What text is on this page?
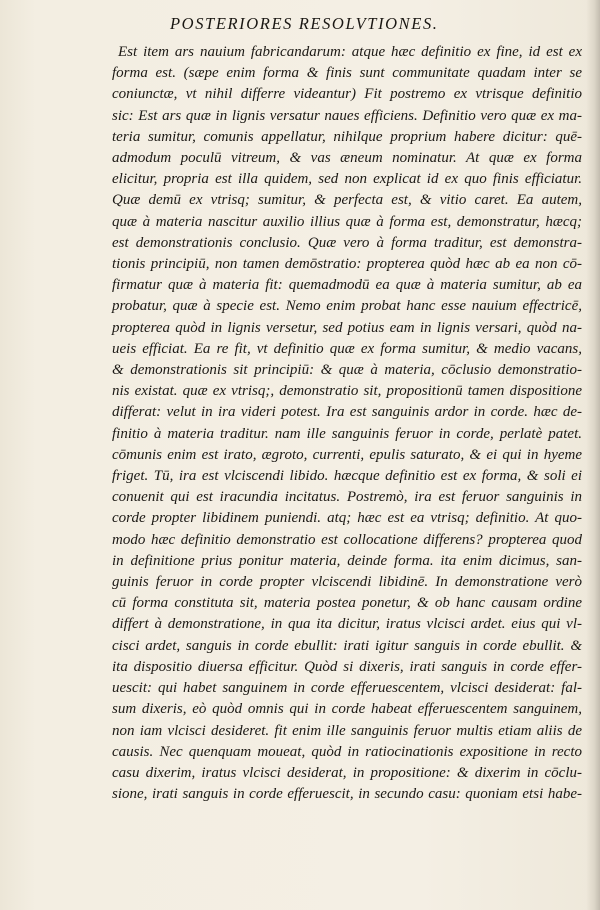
POSTERIORES RESOLVTIONES.
Est item ars nauium fabricandarum: atque hæc definitio ex fine, id est ex
forma est. (sæpe enim forma & finis sunt communitate quadam inter se
coniunctæ, vt nihil differre videantur) Fit postremo ex vtrisque definitio
sic: Est ars quæ in lignis versatur naues efficiens. Definitio vero quæ ex ma-
teria sumitur, comunis appellatur, nihilque proprium habere dicitur: quē-
admodum poculū vitreum, & vas æneum nominatur. At quæ ex forma
elicitur, propria est illa quidem, sed non explicat id ex quo finis efficiatur.
Quæ demū ex vtrisq; sumitur, & perfecta est, & vitio caret. Ea autem,
quæ à materia nascitur auxilio illius quæ à forma est, demonstratur, hæcq;
est demonstrationis conclusio. Quæ vero à forma traditur, est demonstra-
tionis principiū, non tamen demōstratio: propterea quòd hæc ab ea non cō-
firmatur quæ à materia fit: quemadmodū ea quæ à materia sumitur, ab ea
probatur, quæ à specie est. Nemo enim probat hanc esse nauium effectricē,
propterea quòd in lignis versetur, sed potius eam in lignis versari, quòd na-
ueis efficiat. Ea re fit, vt definitio quæ ex forma sumitur, & medio vacans,
& demonstrationis sit principiū: & quæ à materia, cōclusio demonstratio-
nis existat. quæ ex vtrisq;, demonstratio sit, propositionū tamen dispositione
differat: velut in ira videri potest. Ira est sanguinis ardor in corde. hæc de-
finitio à materia traditur. nam ille sanguinis feruor in corde, perlatè patet.
cōmunis enim est irato, ægroto, currenti, epulis saturato, & ei qui in hyeme
friget. Tū, ira est vlciscendi libido. hæcque definitio est ex forma, & soli ei
conuenit qui est iracundia incitatus. Postremò, ira est feruor sanguinis in
corde propter libidinem puniendi. atq; hæc est ea vtrisq; definitio. At quo-
modo hæc definitio demonstratio est collocatione differens? propterea quod
in definitione prius ponitur materia, deinde forma. ita enim dicimus, san-
guinis feruor in corde propter vlciscendi libidinē. In demonstratione verò
cū forma constituta sit, materia postea ponetur, & ob hanc causam ordine
differt à demonstratione, in qua ita dicitur, iratus vlcisci ardet. eius qui vl-
cisci ardet, sanguis in corde ebullit: irati igitur sanguis in corde ebullit. &
ita dispositio diuersa efficitur. Quòd si dixeris, irati sanguis in corde effer-
uescit: qui habet sanguinem in corde efferuescentem, vlcisci desiderat: fal-
sum dixeris, eò quòd omnis qui in corde habeat efferuescentem sanguinem,
non iam vlcisci desideret. fit enim ille sanguinis feruor multis etiam aliis de
causis. Nec quenquam moueat, quòd in ratiocinationis expositione in recto
casu dixerim, iratus vlcisci desiderat, in propositione: & dixerim in cōclu-
sione, irati sanguis in corde efferuescit, in secundo casu: quoniam etsi habe-
